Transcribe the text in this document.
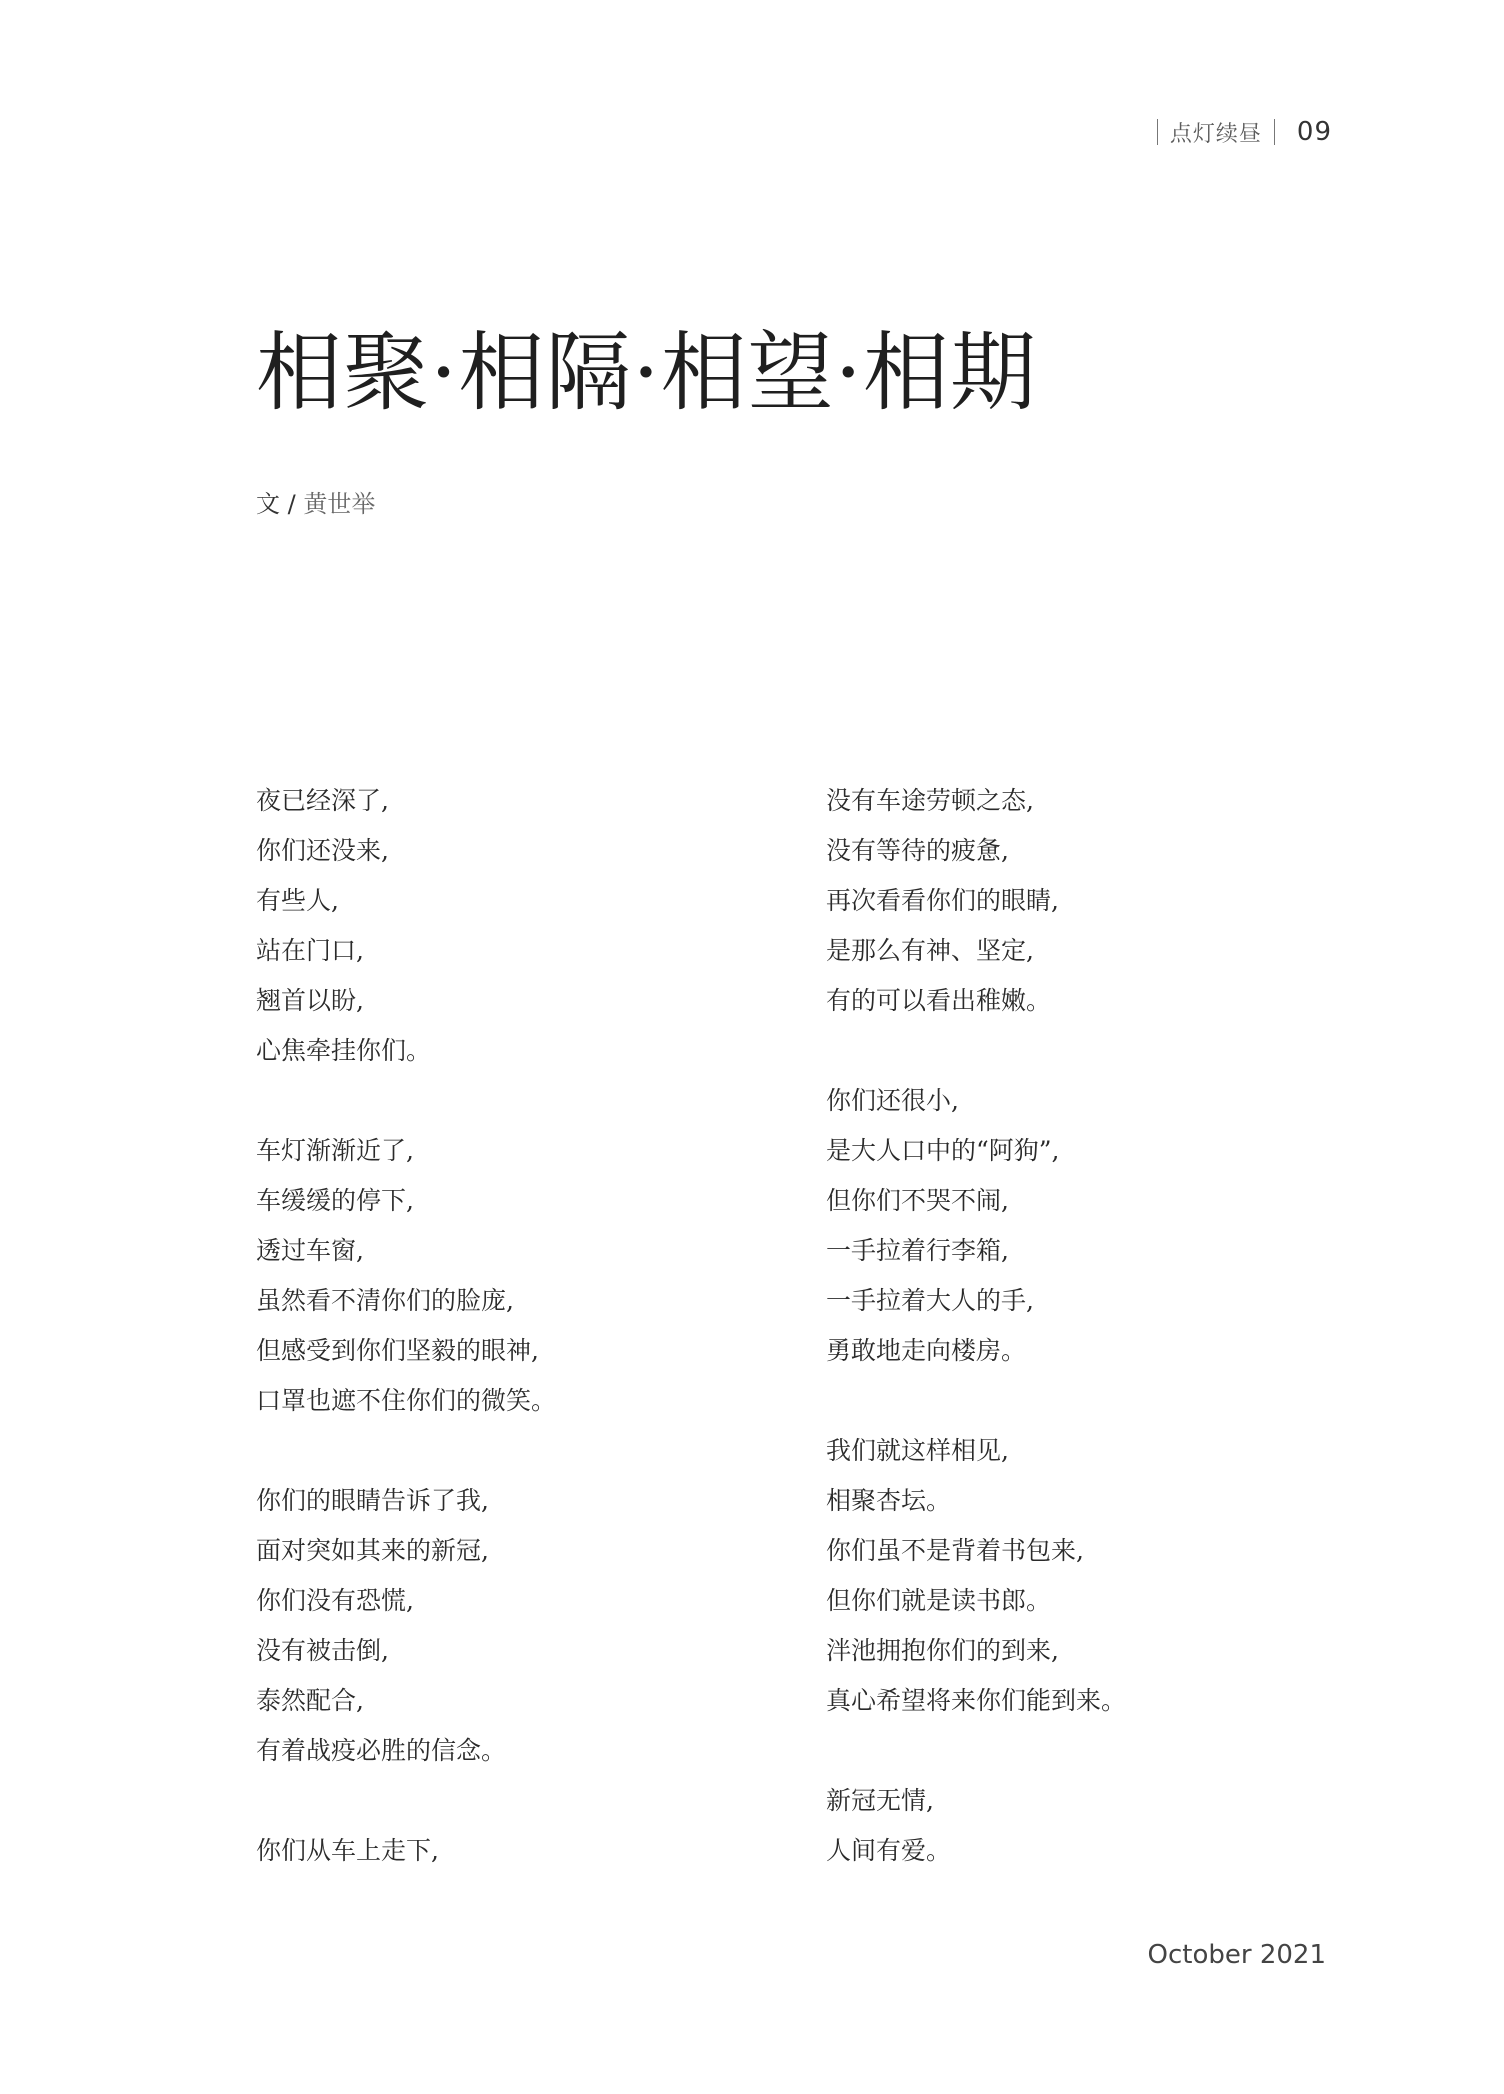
点灯续昼 09
相聚·相隔·相望·相期
文 / 黄世举
夜已经深了,
你们还没来,
有些人,
站在门口,
翘首以盼,
心焦牵挂你们。
车灯渐渐近了,
车缓缓的停下,
透过车窗,
虽然看不清你们的脸庞,
但感受到你们坚毅的眼神,
口罩也遮不住你们的微笑。
你们的眼睛告诉了我,
面对突如其来的新冠,
你们没有恐慌,
没有被击倒,
泰然配合,
有着战疫必胜的信念。
你们从车上走下,
没有车途劳顿之态,
没有等待的疲惫,
再次看看你们的眼睛,
是那么有神、坚定,
有的可以看出稚嫩。
你们还很小,
是大人口中的“阿狗”,
但你们不哭不闹,
一手拉着行李箱,
一手拉着大人的手,
勇敢地走向楼房。
我们就这样相见,
相聚杏坛。
你们虽不是背着书包来,
但你们就是读书郎。
泮池拥抱你们的到来,
真心希望将来你们能到来。
新冠无情,
人间有爱。
October 2021
